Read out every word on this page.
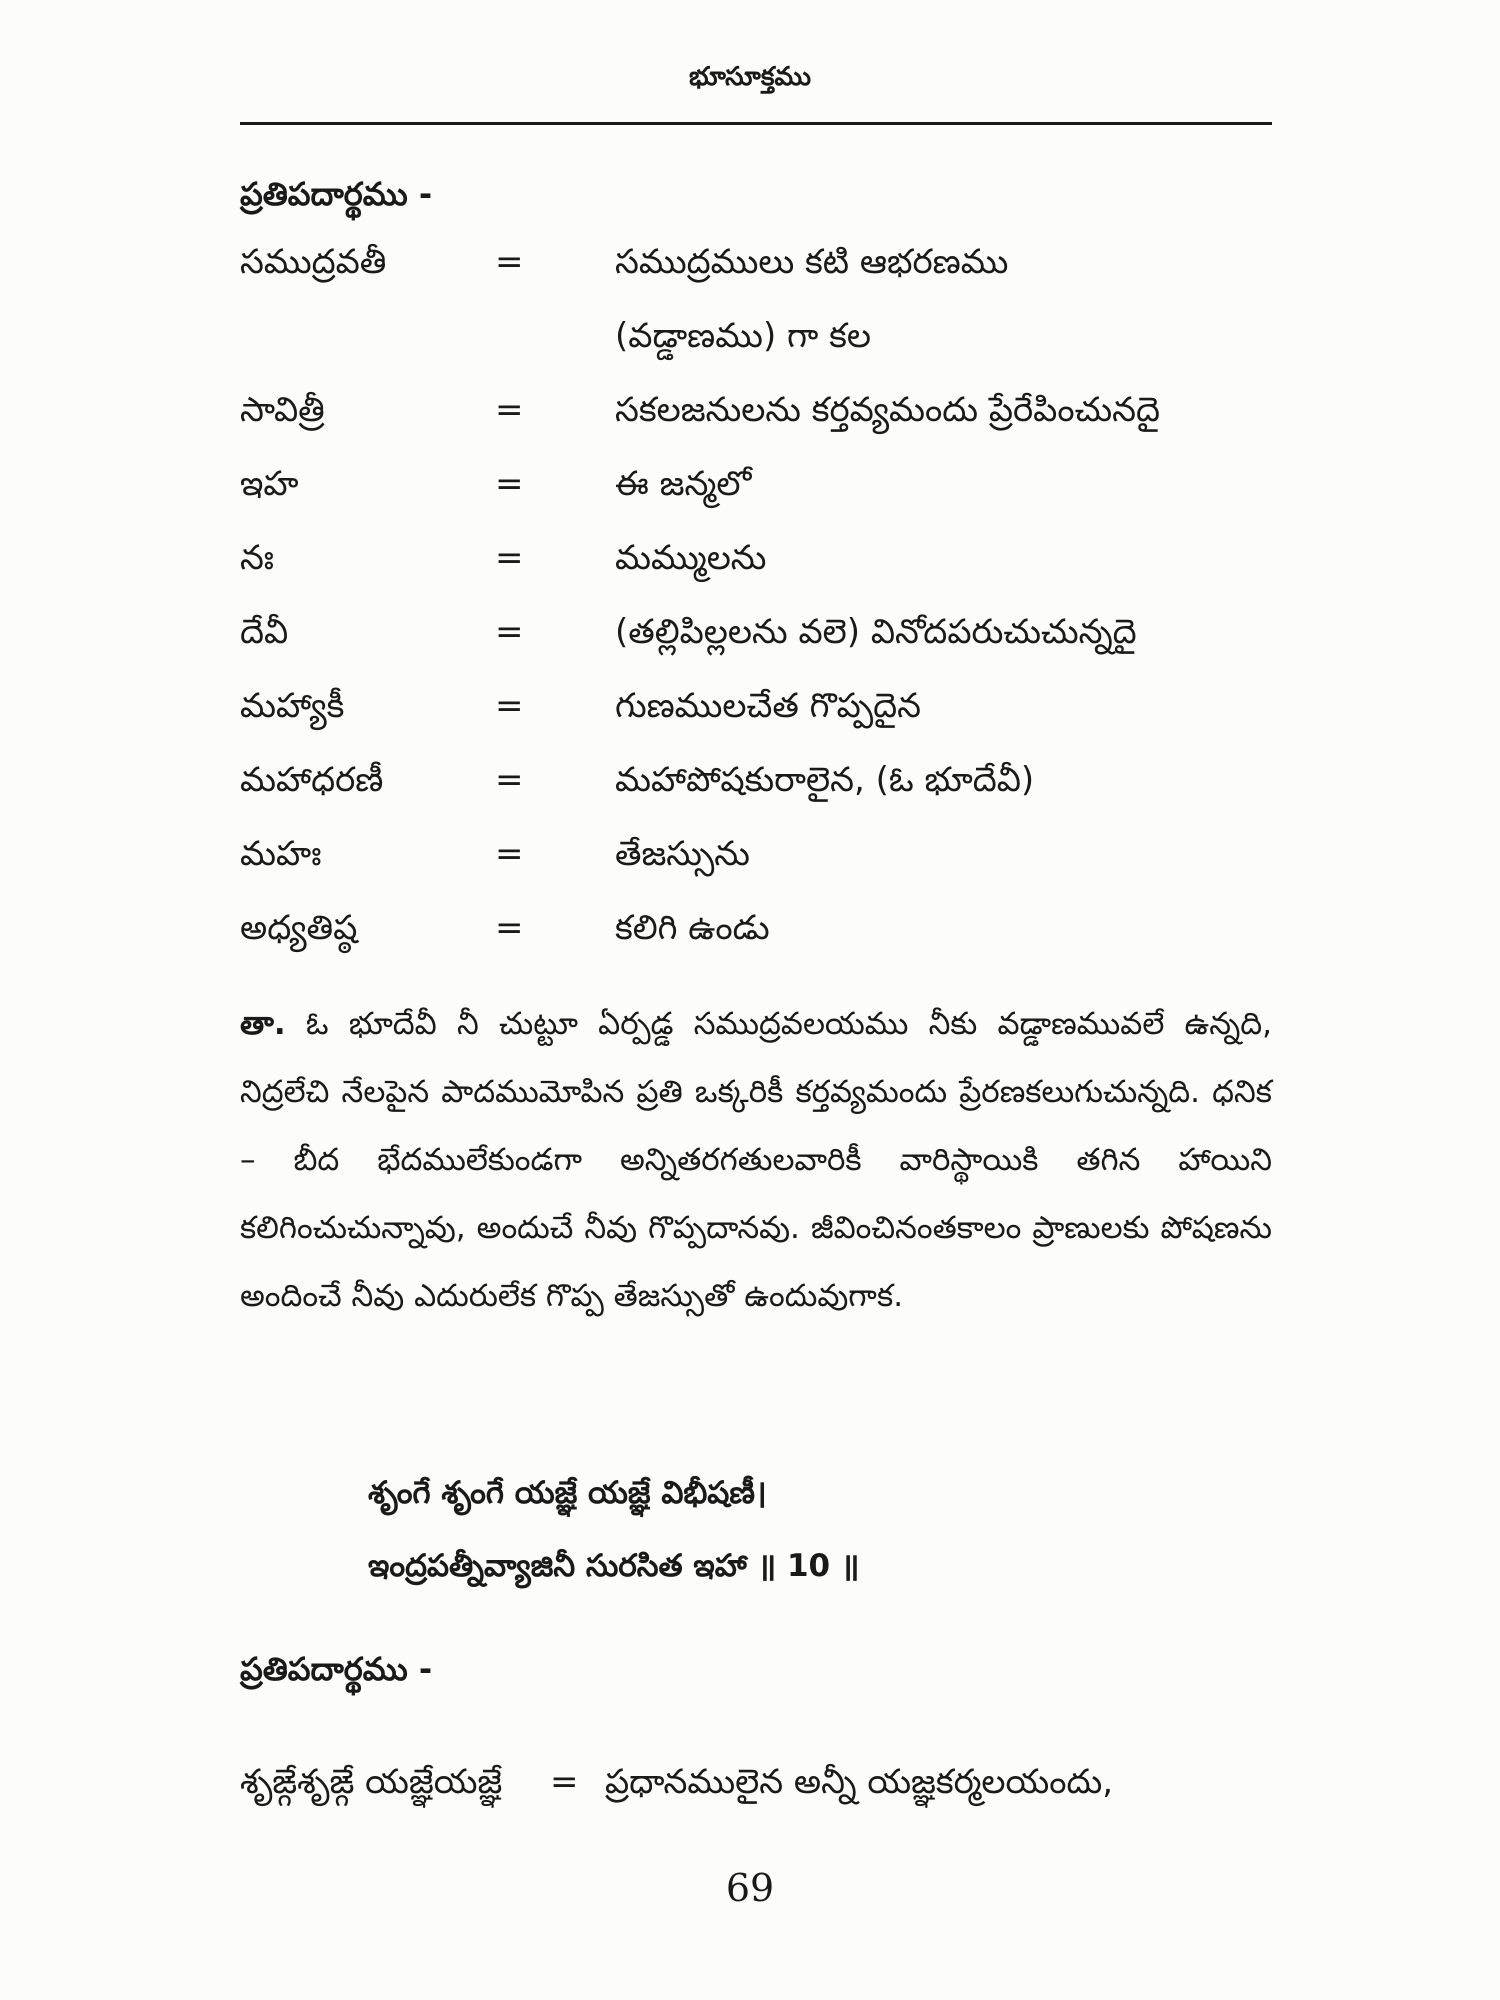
భూసూక్తము
ప్రతిపదార్థము -
సముద్రవతీ	=	సముద్రములు కటి ఆభరణము
(వడ్డాణము) గా కల
సావిత్రీ	=	సకలజనులను కర్తవ్యమందు ప్రేరేపించునదై
ఇహ	=	ఈ జన్మలో
నః	=	మమ్ములను
దేవీ	=	(తల్లిపిల్లలను వలె) వినోదపరుచుచున్నదై
మహ్యాకీ	=	గుణములచేత గొప్పదైన
మహాధరణీ	=	మహాపోషకురాలైన, (ఓ భూదేవీ)
మహః	=	తేజస్సును
అధ్యతిష్ఠ	=	కలిగి ఉండు
తా. ఓ భూదేవీ నీ చుట్టూ ఏర్పడ్డ సముద్రవలయము నీకు వడ్డాణమువలే ఉన్నది, నిద్రలేచి నేలపైన పాదముమోపిన ప్రతి ఒక్కరికీ కర్తవ్యమందు ప్రేరణకలుగుచున్నది. ధనిక – బీద భేదములేకుండగా అన్నితరగతులవారికీ వారిస్థాయికి తగిన హాయిని కలిగించుచున్నావు, అందుచే నీవు గొప్పదానవు. జీవించినంతకాలం ప్రాణులకు పోషణను అందించే నీవు ఎదురులేక గొప్ప తేజస్సుతో ఉందువుగాక.
శృంగే శృంగే యజ్ఞే యజ్ఞే విభీషణీ।
ఇంద్రపత్నీవ్యాజినీ సురసిత ఇహా ॥ 10 ॥
ప్రతిపదార్థము -
శృఙ్గేశృఙ్గే యజ్ఞేయజ్ఞే = ప్రధానములైన అన్నీ యజ్ఞకర్మలయందు,
69
